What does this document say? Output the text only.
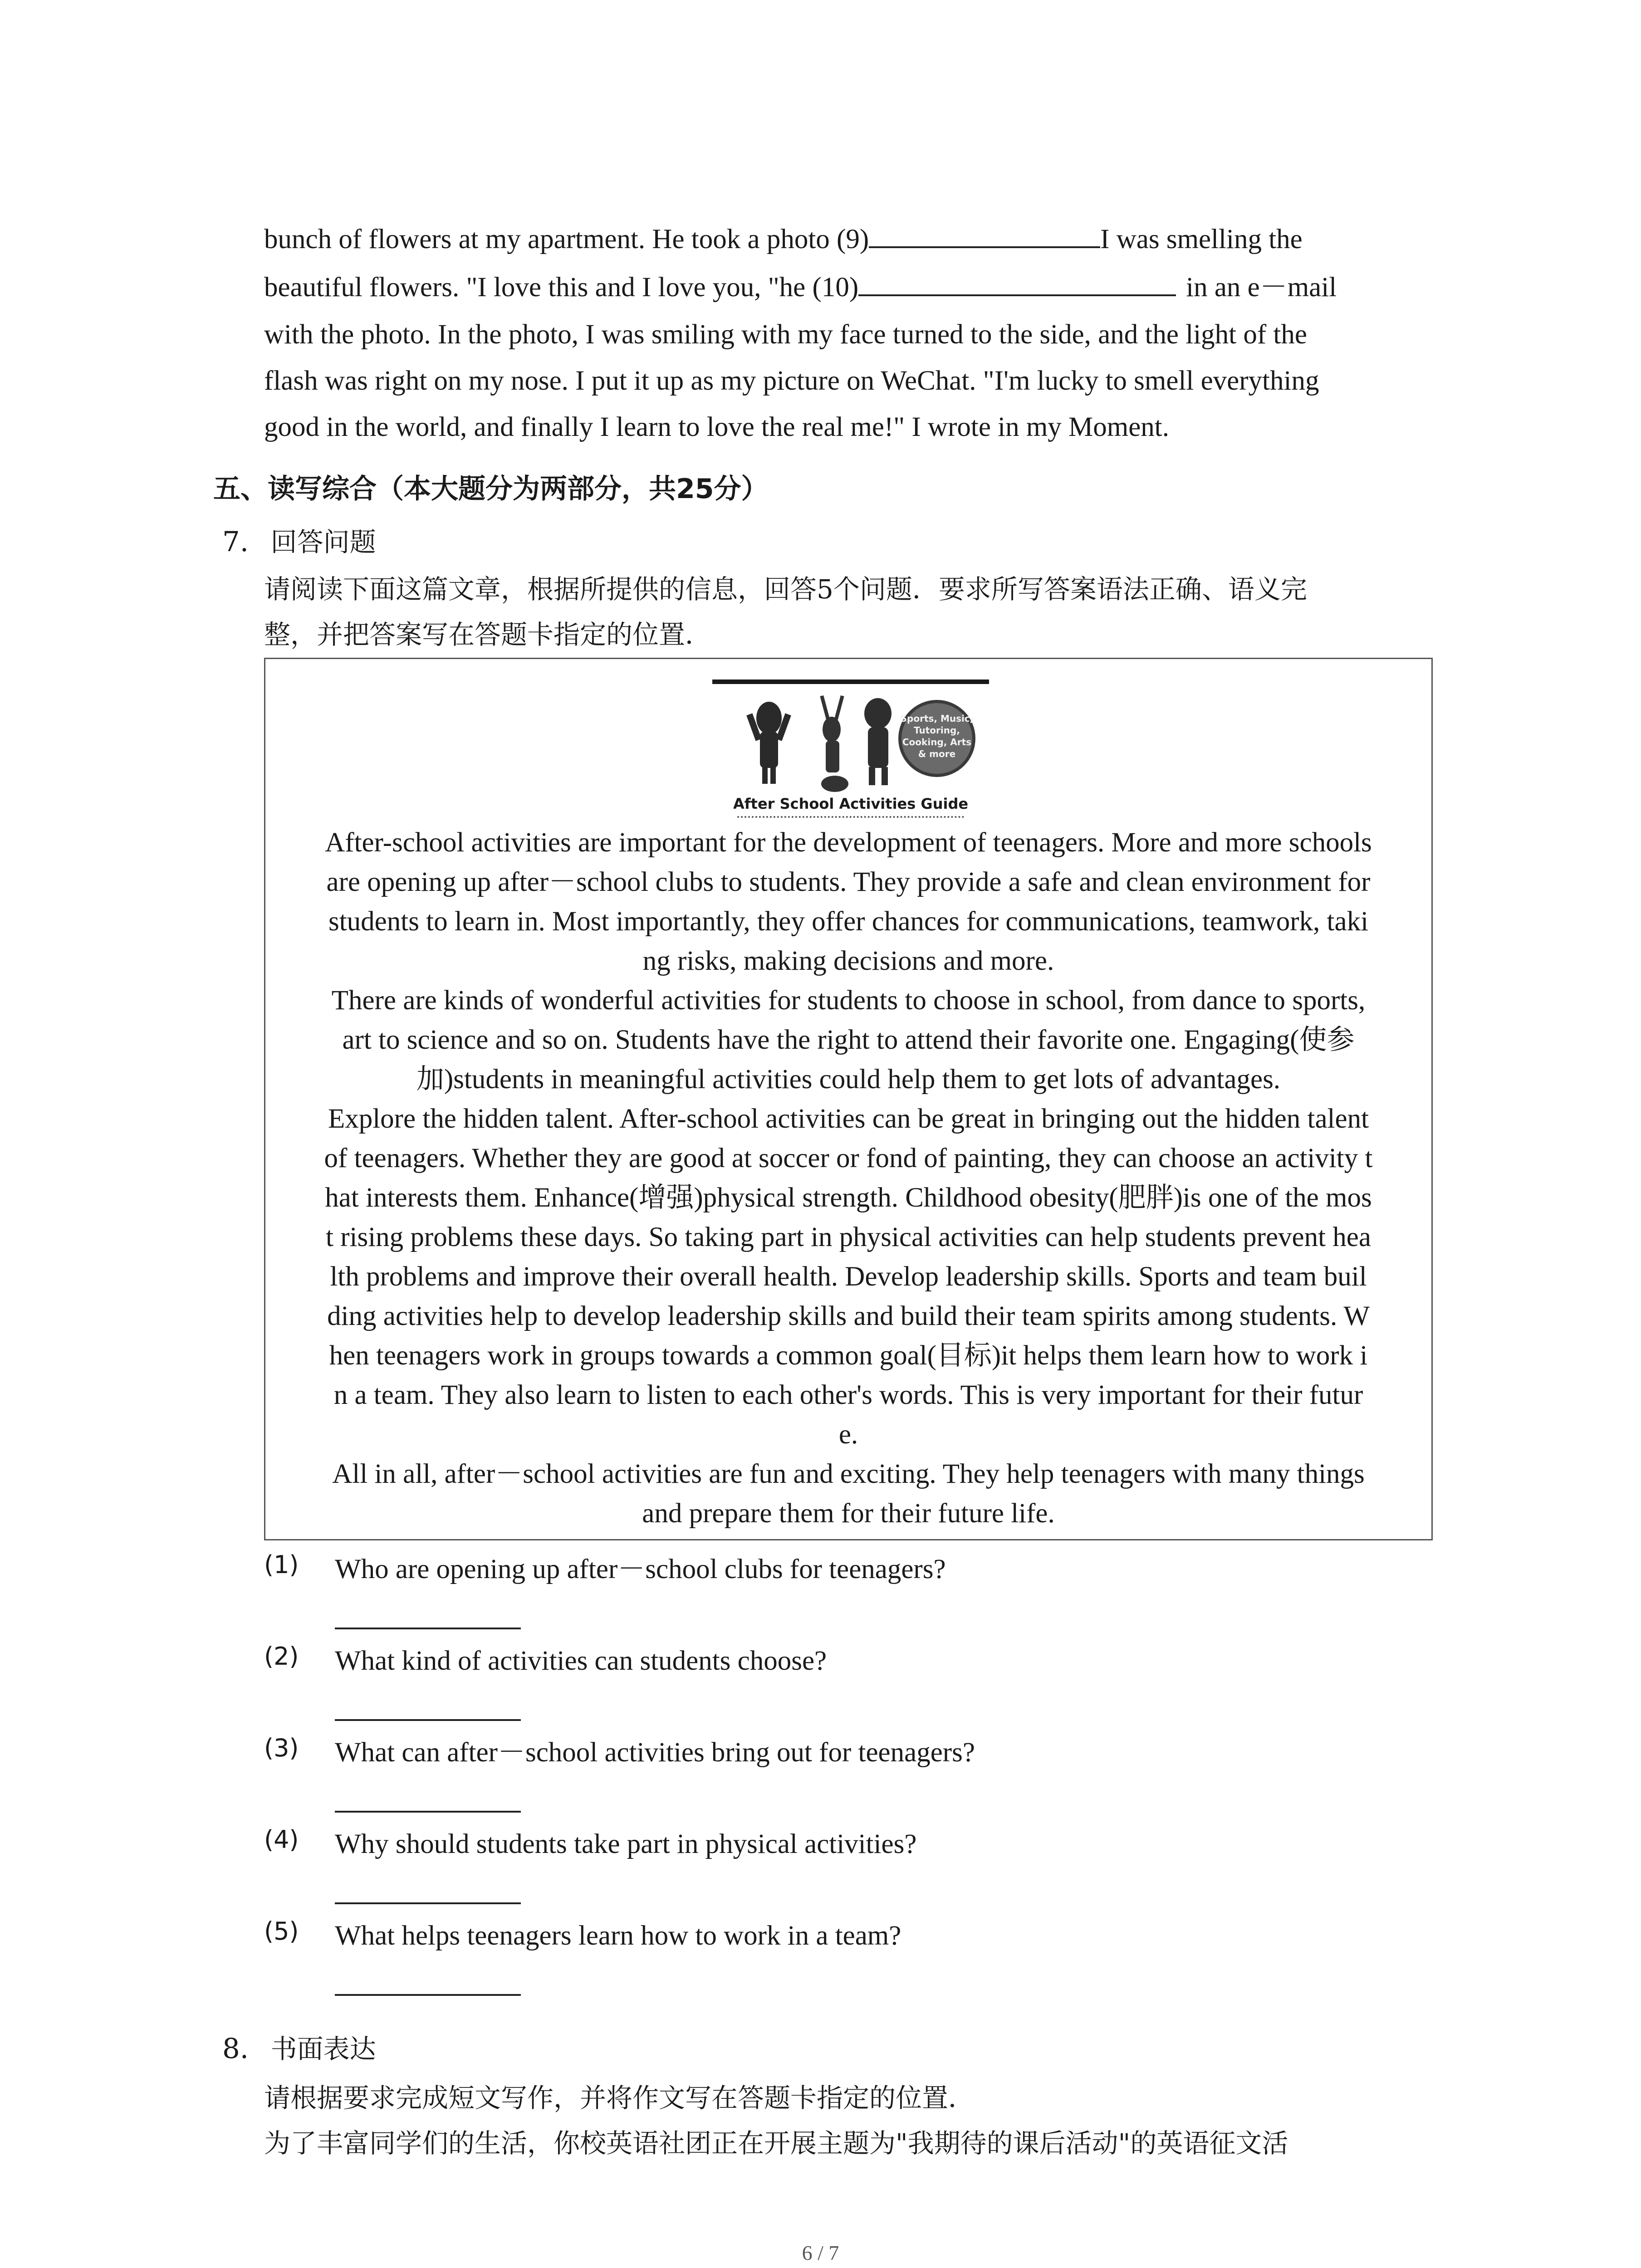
bunch of flowers at my apartment. He took a photo (9)	I was smelling the
beautiful flowers. "I love this and I love you, "he (10)	in an e－mail
with the photo. In the photo, I was smiling with my face turned to the side, and the light of the
flash was right on my nose. I put it up as my picture on WeChat. "I'm lucky to smell everything
good in the world, and finally I learn to love the real me!" I wrote in my Moment.
五、读写综合（本大题分为两部分，共25分）
7. 回答问题
请阅读下面这篇文章，根据所提供的信息，回答5个问题．要求所写答案语法正确、语义完
整，并把答案写在答题卡指定的位置．
Sports, Music,
Tutoring,
Cooking, Arts
& more
After School Activities Guide
After-school activities are important for the development of teenagers. More and more schools
are opening up after－school clubs to students. They provide a safe and clean environment for
students to learn in. Most importantly, they offer chances for communications, teamwork, taki
ng risks, making decisions and more.
There are kinds of wonderful activities for students to choose in school, from dance to sports,
art to science and so on. Students have the right to attend their favorite one. Engaging(使参
加)students in meaningful activities could help them to get lots of advantages.
Explore the hidden talent. After-school activities can be great in bringing out the hidden talent
of teenagers. Whether they are good at soccer or fond of painting, they can choose an activity t
hat interests them. Enhance(增强)physical strength. Childhood obesity(肥胖)is one of the mos
t rising problems these days. So taking part in physical activities can help students prevent hea
lth problems and improve their overall health. Develop leadership skills. Sports and team buil
ding activities help to develop leadership skills and build their team spirits among students. W
hen teenagers work in groups towards a common goal(目标)it helps them learn how to work i
n a team. They also learn to listen to each other's words. This is very important for their futur
e.
All in all, after－school activities are fun and exciting. They help teenagers with many things
and prepare them for their future life.
(1) Who are opening up after－school clubs for teenagers?
(2) What kind of activities can students choose?
(3) What can after－school activities bring out for teenagers?
(4) Why should students take part in physical activities?
(5) What helps teenagers learn how to work in a team?
8. 书面表达
请根据要求完成短文写作，并将作文写在答题卡指定的位置．
为了丰富同学们的生活，你校英语社团正在开展主题为"我期待的课后活动"的英语征文活
6 / 7
